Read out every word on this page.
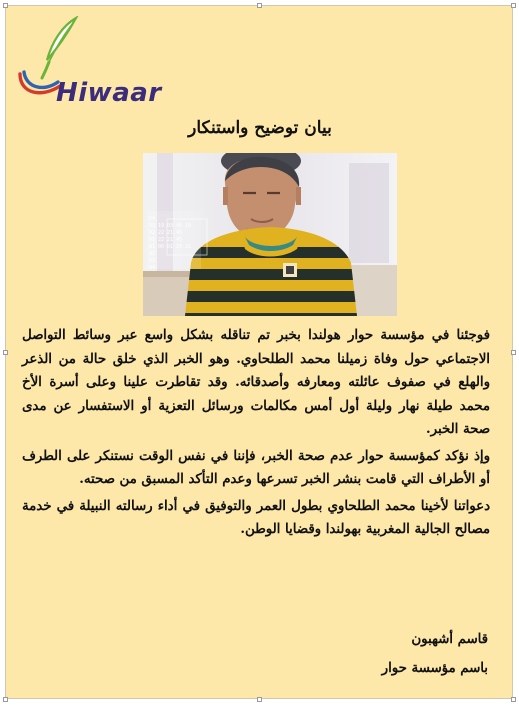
Hiwaar
بيان توضيح واستنكار
V4
V3 19 03 45 10
V2 22 21 45
V1 22 21 45
A1 00 01 25 21
A2
A3
A4

فوجئنا في مؤسسة حوار هولندا بخبر تم تناقله بشكل واسع عبر وسائط التواصل الاجتماعي حول وفاة زميلنا محمد الطلحاوي. وهو الخبر الذي خلق حالة من الذعر والهلع في صفوف عائلته ومعارفه وأصدقائه. وقد تقاطرت علينا وعلى أسرة الأخ محمد طيلة نهار وليلة أول أمس مكالمات ورسائل التعزية أو الاستفسار عن مدى صحة الخبر.

وإذ نؤكد كمؤسسة حوار عدم صحة الخبر، فإننا في نفس الوقت نستنكر على الطرف أو الأطراف التي قامت بنشر الخبر تسرعها وعدم التأكد المسبق من صحته.

دعواتنا لأخينا محمد الطلحاوي بطول العمر والتوفيق في أداء رسالته النبيلة في خدمة مصالح الجالية المغربية بهولندا وقضايا الوطن.

قاسم أشهبون
باسم مؤسسة حوار
